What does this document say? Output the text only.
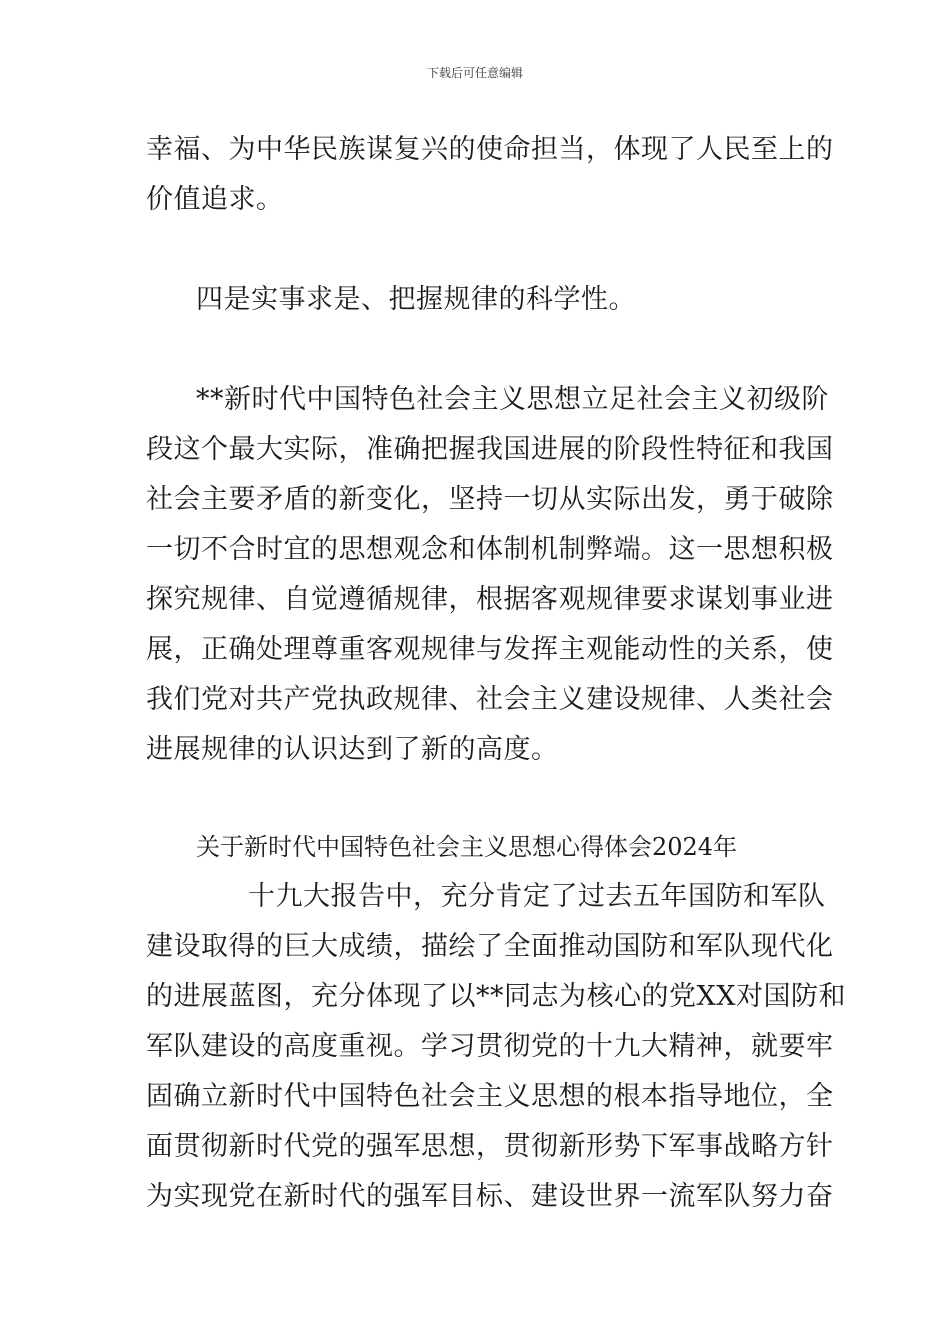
下载后可任意编辑
幸福、为中华民族谋复兴的使命担当，体现了人民至上的
价值追求。
四是实事求是、把握规律的科学性。
**新时代中国特色社会主义思想立足社会主义初级阶
段这个最大实际，准确把握我国进展的阶段性特征和我国
社会主要矛盾的新变化，坚持一切从实际出发，勇于破除
一切不合时宜的思想观念和体制机制弊端。这一思想积极
探究规律、自觉遵循规律，根据客观规律要求谋划事业进
展，正确处理尊重客观规律与发挥主观能动性的关系，使
我们党对共产党执政规律、社会主义建设规律、人类社会
进展规律的认识达到了新的高度。
关于新时代中国特色社会主义思想心得体会2024年
十九大报告中，充分肯定了过去五年国防和军队
建设取得的巨大成绩，描绘了全面推动国防和军队现代化
的进展蓝图，充分体现了以**同志为核心的党XX对国防和
军队建设的高度重视。学习贯彻党的十九大精神，就要牢
固确立新时代中国特色社会主义思想的根本指导地位，全
面贯彻新时代党的强军思想，贯彻新形势下军事战略方针
为实现党在新时代的强军目标、建设世界一流军队努力奋
